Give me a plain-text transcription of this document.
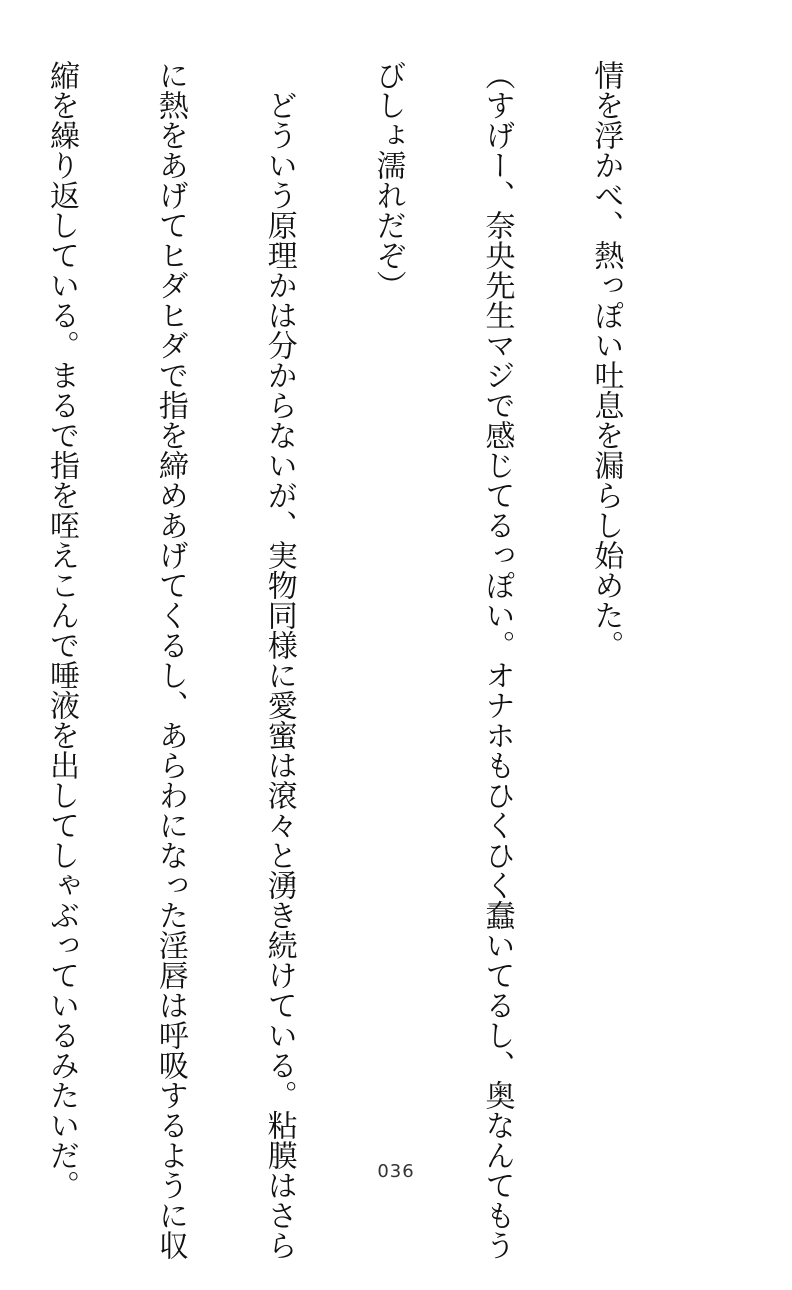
情を浮かべ、熱っぽい吐息を漏らし始めた。

（すげー、奈央先生マジで感じてるっぽい。オナホもひくひく蠢いてるし、奥なんてもう

びしょ濡れだぞ）

　どういう原理かは分からないが、実物同様に愛蜜は滾々と湧き続けている。粘膜はさら

に熱をあげてヒダヒダで指を締めあげてくるし、あらわになった淫唇は呼吸するように収

縮を繰り返している。まるで指を咥えこんで唾液を出してしゃぶっているみたいだ。

	036
